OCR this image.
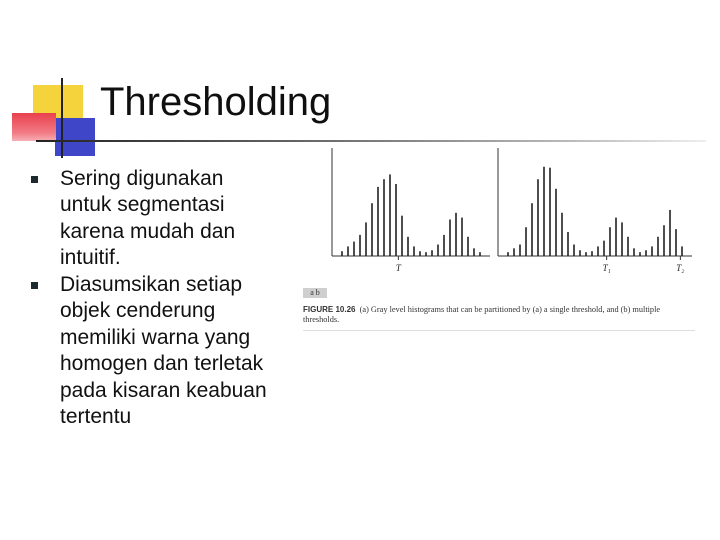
Thresholding
Sering digunakan untuk segmentasi karena mudah dan intuitif.
Diasumsikan setiap objek cenderung memiliki warna yang homogen dan terletak pada kisaran keabuan tertentu
T	T₁	T₂
a b

FIGURE 10.26 (a) Gray level histograms that can be partitioned by (a) a single threshold, and (b) multiple thresholds.
